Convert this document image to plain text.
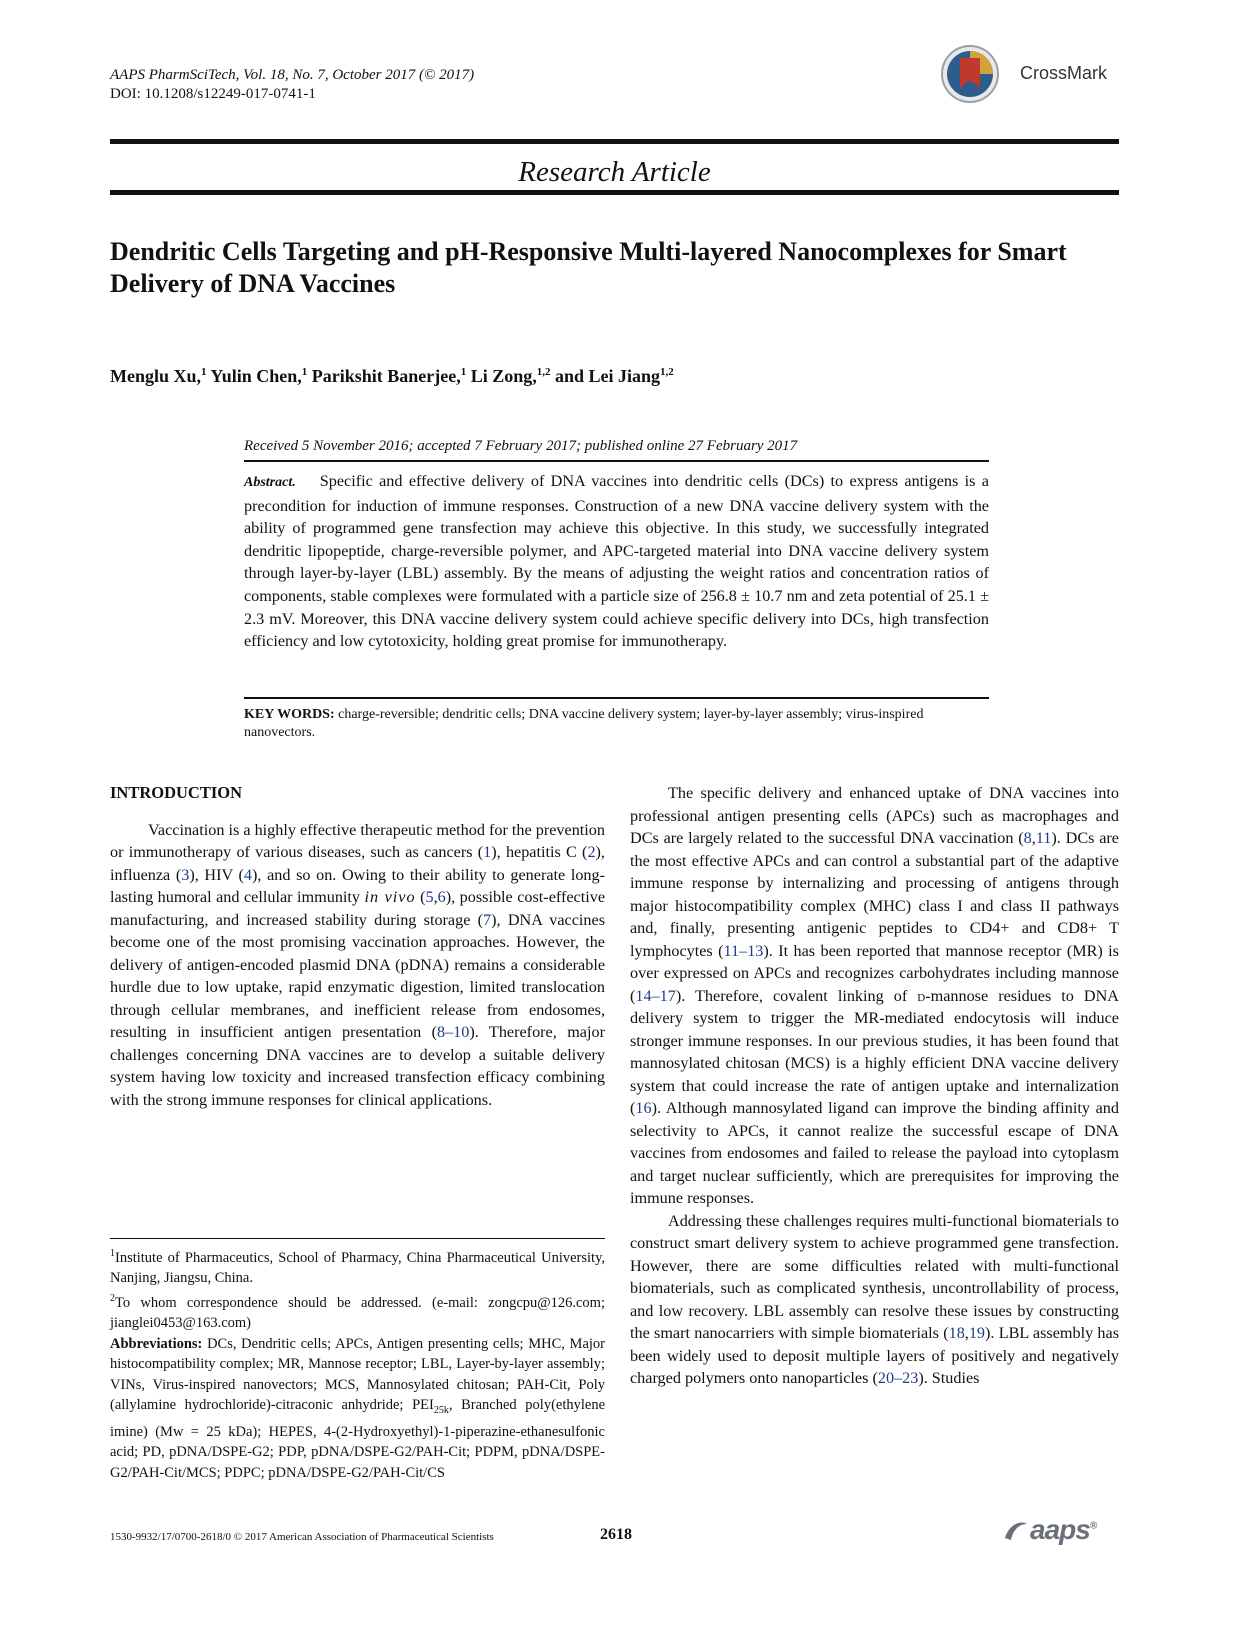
AAPS PharmSciTech, Vol. 18, No. 7, October 2017 (© 2017)
DOI: 10.1208/s12249-017-0741-1
CrossMark
Research Article
Dendritic Cells Targeting and pH-Responsive Multi-layered Nanocomplexes for Smart Delivery of DNA Vaccines
Menglu Xu,$^1$ Yulin Chen,$^1$ Parikshit Banerjee,$^1$ Li Zong,$^{1,2}$ and Lei Jiang$^{1,2}$
Received 5 November 2016; accepted 7 February 2017; published online 27 February 2017
Abstract. Specific and effective delivery of DNA vaccines into dendritic cells (DCs) to express antigens is a precondition for induction of immune responses. Construction of a new DNA vaccine delivery system with the ability of programmed gene transfection may achieve this objective. In this study, we successfully integrated dendritic lipopeptide, charge-reversible polymer, and APC-targeted material into DNA vaccine delivery system through layer-by-layer (LBL) assembly. By the means of adjusting the weight ratios and concentration ratios of components, stable complexes were formulated with a particle size of 256.8 ± 10.7 nm and zeta potential of 25.1 ± 2.3 mV. Moreover, this DNA vaccine delivery system could achieve specific delivery into DCs, high transfection efficiency and low cytotoxicity, holding great promise for immunotherapy.
KEY WORDS: charge-reversible; dendritic cells; DNA vaccine delivery system; layer-by-layer assembly; virus-inspired nanovectors.

INTRODUCTION

Vaccination is a highly effective therapeutic method for the prevention or immunotherapy of various diseases, such as cancers (1), hepatitis C (2), influenza (3), HIV (4), and so on. Owing to their ability to generate long-lasting humoral and cellular immunity in vivo (5,6), possible cost-effective manufacturing, and increased stability during storage (7), DNA vaccines become one of the most promising vaccination approaches. However, the delivery of antigen-encoded plasmid DNA (pDNA) remains a considerable hurdle due to low uptake, rapid enzymatic digestion, limited translocation through cellular membranes, and inefficient release from endosomes, resulting in insufficient antigen presentation (8–10). Therefore, major challenges concerning DNA vaccines are to develop a suitable delivery system having low toxicity and increased transfection efficacy combining with the strong immune responses for clinical applications.

$^1$Institute of Pharmaceutics, School of Pharmacy, China Pharmaceutical University, Nanjing, Jiangsu, China.

$^2$To whom correspondence should be addressed. (e-mail: zongcpu@126.com; jianglei0453@163.com)

Abbreviations: DCs, Dendritic cells; APCs, Antigen presenting cells; MHC, Major histocompatibility complex; MR, Mannose receptor; LBL, Layer-by-layer assembly; VINs, Virus-inspired nanovectors; MCS, Mannosylated chitosan; PAH-Cit, Poly (allylamine hydrochloride)-citraconic anhydride; $PEI_{25k}$, Branched poly(ethylene imine) (Mw = 25 kDa); HEPES, 4-(2-Hydroxyethyl)-1-piperazine-ethanesulfonic acid; PD, pDNA/DSPE-G2; PDP, pDNA/DSPE-G2/PAH-Cit; PDPM, pDNA/DSPE-G2/PAH-Cit/MCS; PDPC; pDNA/DSPE-G2/PAH-Cit/CS

The specific delivery and enhanced uptake of DNA vaccines into professional antigen presenting cells (APCs) such as macrophages and DCs are largely related to the successful DNA vaccination (8,11). DCs are the most effective APCs and can control a substantial part of the adaptive immune response by internalizing and processing of antigens through major histocompatibility complex (MHC) class I and class II pathways and, finally, presenting antigenic peptides to CD4+ and CD8+ T lymphocytes (11–13). It has been reported that mannose receptor (MR) is over expressed on APCs and recognizes carbohydrates including mannose (14–17). Therefore, covalent linking of d-mannose residues to DNA delivery system to trigger the MR-mediated endocytosis will induce stronger immune responses. In our previous studies, it has been found that mannosylated chitosan (MCS) is a highly efficient DNA vaccine delivery system that could increase the rate of antigen uptake and internalization (16). Although mannosylated ligand can improve the binding affinity and selectivity to APCs, it cannot realize the successful escape of DNA vaccines from endosomes and failed to release the payload into cytoplasm and target nuclear sufficiently, which are prerequisites for improving the immune responses.

Addressing these challenges requires multi-functional biomaterials to construct smart delivery system to achieve programmed gene transfection. However, there are some difficulties related with multi-functional biomaterials, such as complicated synthesis, uncontrollability of process, and low recovery. LBL assembly can resolve these issues by constructing the smart nanocarriers with simple biomaterials (18,19). LBL assembly has been widely used to deposit multiple layers of positively and negatively charged polymers onto nanoparticles (20–23). Studies

1530-9932/17/0700-2618/0 © 2017 American Association of Pharmaceutical Scientists	2618	aaps®
